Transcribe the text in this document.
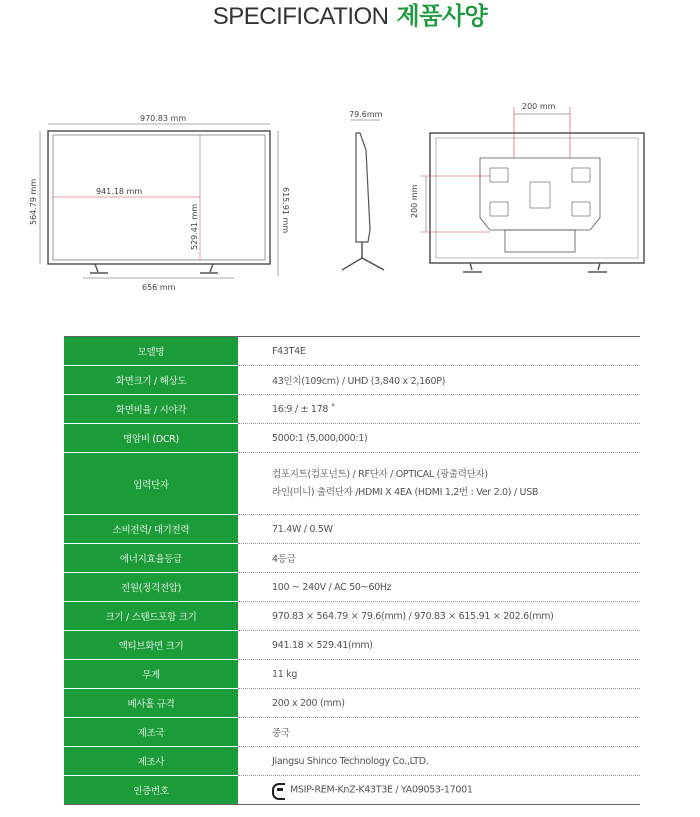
SPECIFICATION 제품사양
970.83 mm
564.79 mm	941.18 mm
529.41 mm	615.91 mm
656 mm
79.6mm
200 mm
200 mm
모델명	F43T4E
화면크기 / 해상도	43인치(109cm) / UHD (3,840 x 2,160P)
화면비율 / 시야각	16:9 / ± 178 ˚
명암비 (DCR)	5000:1 (5,000,000:1)
입력단자	컴포지트(컴포넌트) / RF단자 / OPTICAL (광출력단자)
라인(미니) 출력단자 /HDMI X 4EA (HDMI 1,2번 : Ver 2.0) / USB

소비전력/ 대기전력	71.4W / 0.5W
에너지효율등급	4등급
전원(정격전압)	100 ~ 240V / AC 50~60Hz
크기 / 스탠드포함 크기	970.83 × 564.79 × 79.6(mm) / 970.83 × 615.91 × 202.6(mm)
액티브화면 크기	941.18 × 529.41(mm)
무게	11 kg
베사홀 규격	200 x 200 (mm)
제조국	중국
제조사	Jiangsu Shinco Technology Co.,LTD.
인증번호	MSIP-REM-KnZ-K43T3E / YA09053-17001
